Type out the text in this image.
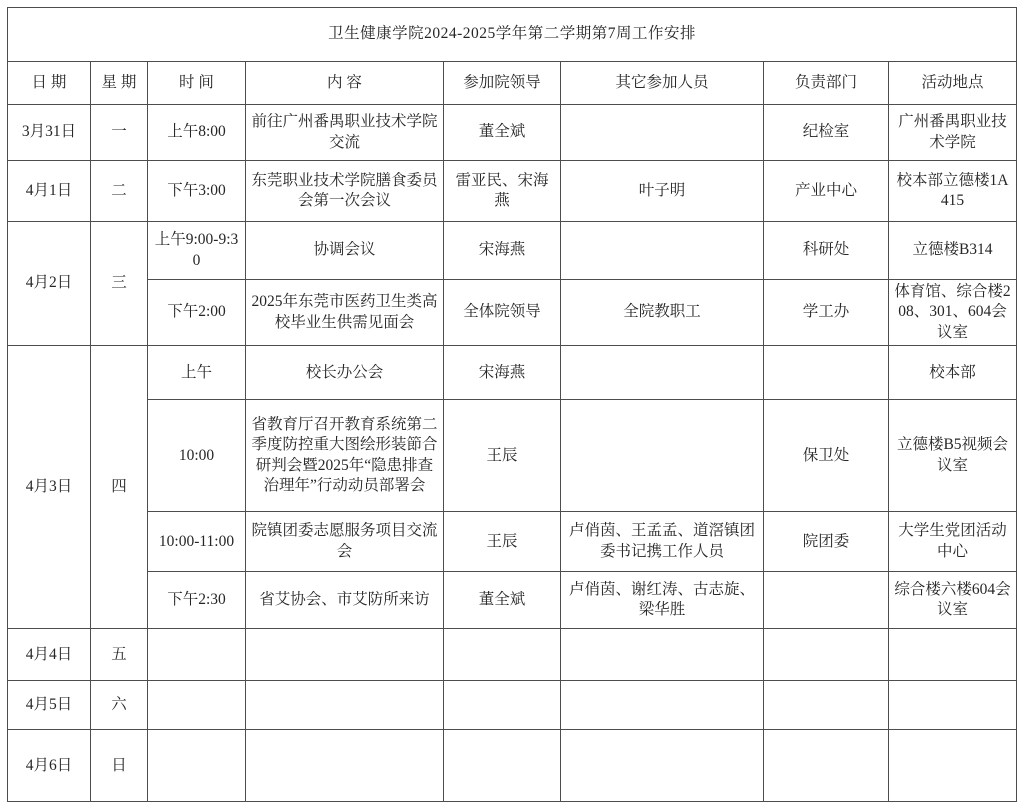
卫生健康学院2024-2025学年第二学期第7周工作安排							
日 期	星 期	时 间	内 容	参加院领导	其它参加人员	负责部门	活动地点
3月31日	一	上午8:00	前往广州番禺职业技术学院交流	董全斌		纪检室	广州番禺职业技术学院
4月1日	二	下午3:00	东莞职业技术学院膳食委员会第一次会议	雷亚民、宋海燕	叶子明	产业中心	校本部立德楼1A415
4月2日	三	上午9:00-9:30	协调会议	宋海燕		科研处	立德楼B314
		下午2:00	2025年东莞市医药卫生类高校毕业生供需见面会	全体院领导	全院教职工	学工办	体育馆、综合楼208、301、604会议室
4月3日	四	上午	校长办公会	宋海燕			校本部
		10:00	省教育厅召开教育系统第二季度防控重大图绘形装節合研判会暨2025年“隐患排查治理年”行动动员部署会	王辰		保卫处	立德楼B5视频会议室
		10:00-11:00	院镇团委志愿服务项目交流会	王辰	卢俏茵、王孟孟、道滘镇团委书记携工作人员	院团委	大学生党团活动中心
		下午2:30	省艾协会、市艾防所来访	董全斌	卢俏茵、谢红涛、古志旋、梁华胜		综合楼六楼604会议室
4月4日	五						
4月5日	六						
4月6日	日						
